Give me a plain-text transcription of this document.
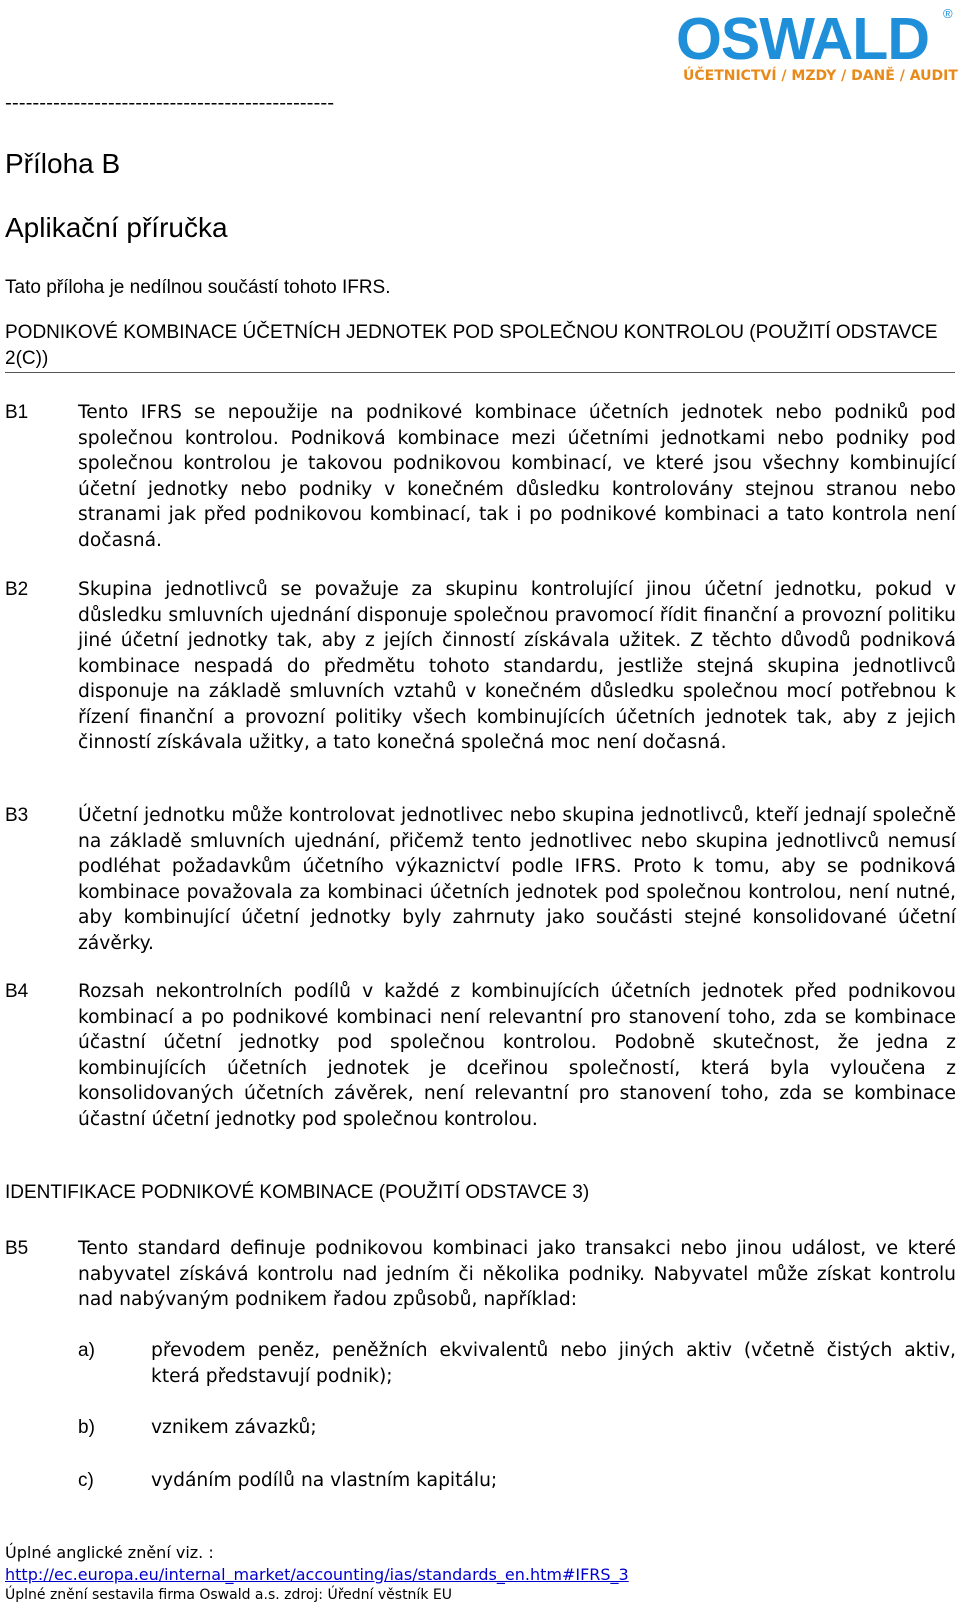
OSWALD ®
ÚČETNICTVÍ / MZDY / DANĚ / AUDIT
------------------------------------------------
Příloha B
Aplikační příručka
Tato příloha je nedílnou součástí tohoto IFRS.
PODNIKOVÉ KOMBINACE ÚČETNÍCH JEDNOTEK POD SPOLEČNOU KONTROLOU (POUŽITÍ ODSTAVCE 2(C))
B1	Tento IFRS se nepoužije na podnikové kombinace účetních jednotek nebo podniků pod společnou kontrolou. Podniková kombinace mezi účetními jednotkami nebo podniky pod společnou kontrolou je takovou podnikovou kombinací, ve které jsou všechny kombinující účetní jednotky nebo podniky v konečném důsledku kontrolovány stejnou stranou nebo stranami jak před podnikovou kombinací, tak i po podnikové kombinaci a tato kontrola není dočasná.
B2	Skupina jednotlivců se považuje za skupinu kontrolující jinou účetní jednotku, pokud v důsledku smluvních ujednání disponuje společnou pravomocí řídit finanční a provozní politiku jiné účetní jednotky tak, aby z jejích činností získávala užitek. Z těchto důvodů podniková kombinace nespadá do předmětu tohoto standardu, jestliže stejná skupina jednotlivců disponuje na základě smluvních vztahů v konečném důsledku společnou mocí potřebnou k řízení finanční a provozní politiky všech kombinujících účetních jednotek tak, aby z jejich činností získávala užitky, a tato konečná společná moc není dočasná.
B3	Účetní jednotku může kontrolovat jednotlivec nebo skupina jednotlivců, kteří jednají společně na základě smluvních ujednání, přičemž tento jednotlivec nebo skupina jednotlivců nemusí podléhat požadavkům účetního výkaznictví podle IFRS. Proto k tomu, aby se podniková kombinace považovala za kombinaci účetních jednotek pod společnou kontrolou, není nutné, aby kombinující účetní jednotky byly zahrnuty jako součásti stejné konsolidované účetní závěrky.
B4	Rozsah nekontrolních podílů v každé z kombinujících účetních jednotek před podnikovou kombinací a po podnikové kombinaci není relevantní pro stanovení toho, zda se kombinace účastní účetní jednotky pod společnou kontrolou. Podobně skutečnost, že jedna z kombinujících účetních jednotek je dceřinou společností, která byla vyloučena z konsolidovaných účetních závěrek, není relevantní pro stanovení toho, zda se kombinace účastní účetní jednotky pod společnou kontrolou.
IDENTIFIKACE PODNIKOVÉ KOMBINACE (POUŽITÍ ODSTAVCE 3)
B5	Tento standard definuje podnikovou kombinaci jako transakci nebo jinou událost, ve které nabyvatel získává kontrolu nad jedním či několika podniky. Nabyvatel může získat kontrolu nad nabývaným podnikem řadou způsobů, například:
a)	převodem peněz, peněžních ekvivalentů nebo jiných aktiv (včetně čistých aktiv, která představují podnik);
b)	vznikem závazků;
c)	vydáním podílů na vlastním kapitálu;
Úplné anglické znění viz. :
http://ec.europa.eu/internal_market/accounting/ias/standards_en.htm#IFRS_3
Úplné znění sestavila firma Oswald a.s. zdroj: Úřední věstník EU
